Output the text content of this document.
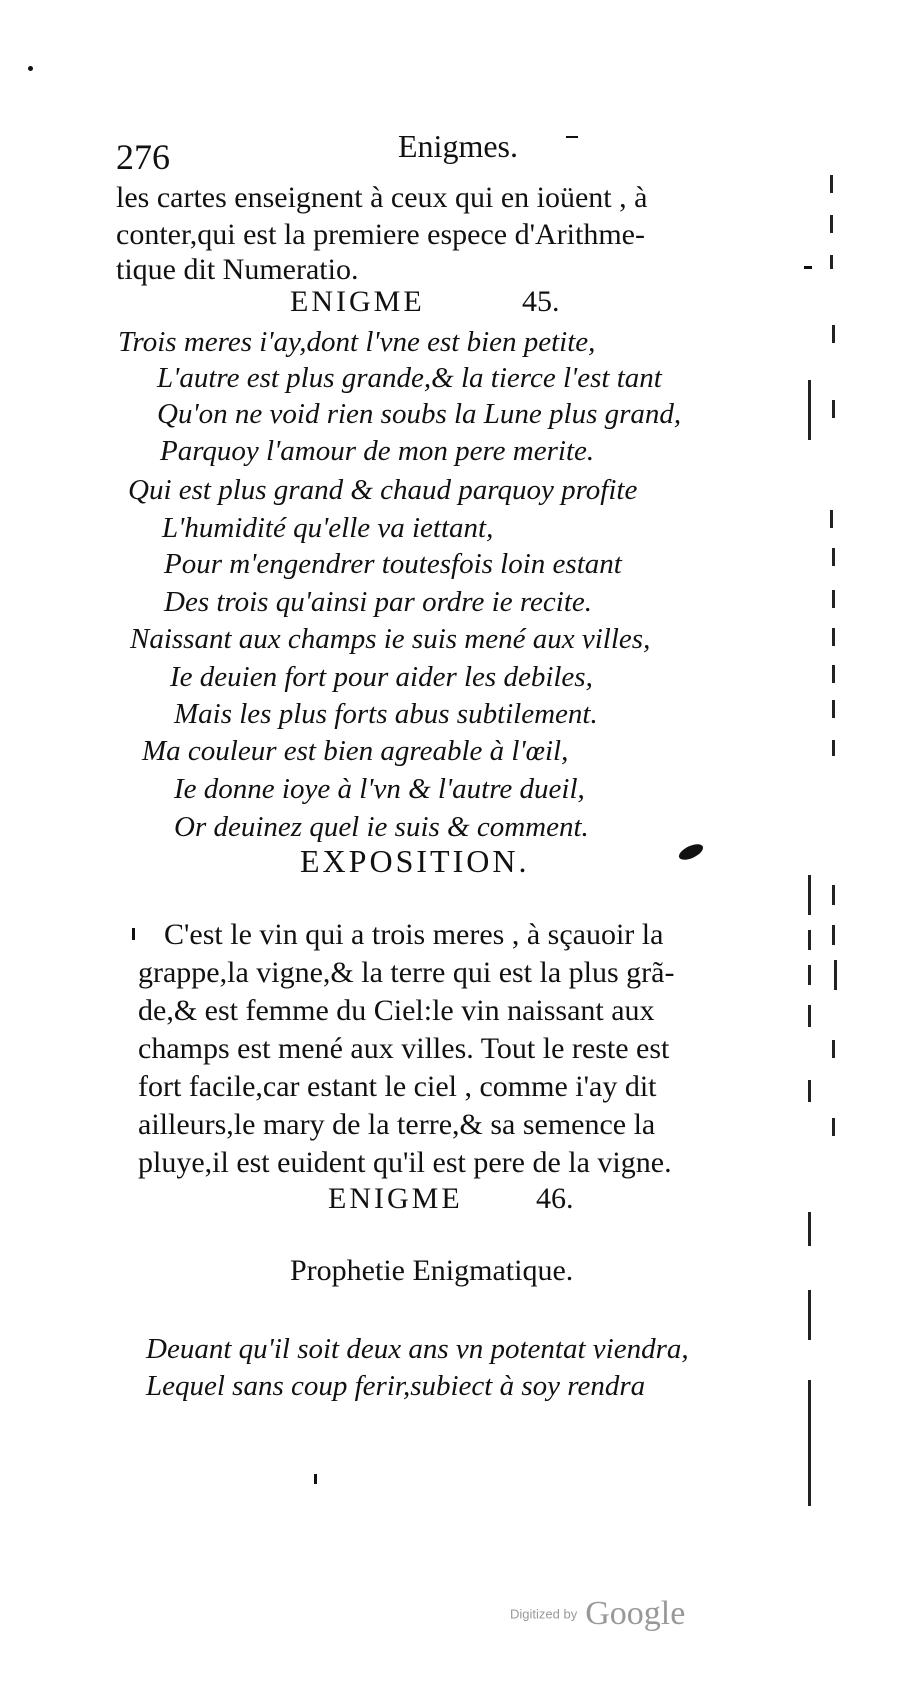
276	Enigmes.
les cartes enseignent à ceux qui en ioüent , à
conter,qui est la premiere espece d'Arithme-
tique dit Numeratio.
ENIGME	45.
Trois meres i'ay,dont l'vne est bien petite,
L'autre est plus grande,& la tierce l'est tant
Qu'on ne void rien soubs la Lune plus grand,
Parquoy l'amour de mon pere merite.
Qui est plus grand & chaud parquoy profite
L'humidité qu'elle va iettant,
Pour m'engendrer toutesfois loin estant
Des trois qu'ainsi par ordre ie recite.
Naissant aux champs ie suis mené aux villes,
Ie deuien fort pour aider les debiles,
Mais les plus forts abus subtilement.
Ma couleur est bien agreable à l'œil,
Ie donne ioye à l'vn & l'autre dueil,
Or deuinez quel ie suis & comment.
EXPOSITION.
C'est le vin qui a trois meres , à sçauoir la
grappe,la vigne,& la terre qui est la plus grã-
de,& est femme du Ciel:le vin naissant aux
champs est mené aux villes. Tout le reste est
fort facile,car estant le ciel , comme i'ay dit
ailleurs,le mary de la terre,& sa semence la
pluye,il est euident qu'il est pere de la vigne.
ENIGME 46.
Prophetie Enigmatique.
Deuant qu'il soit deux ans vn potentat viendra,
Lequel sans coup ferir,subiect à soy rendra
Digitized by Google
